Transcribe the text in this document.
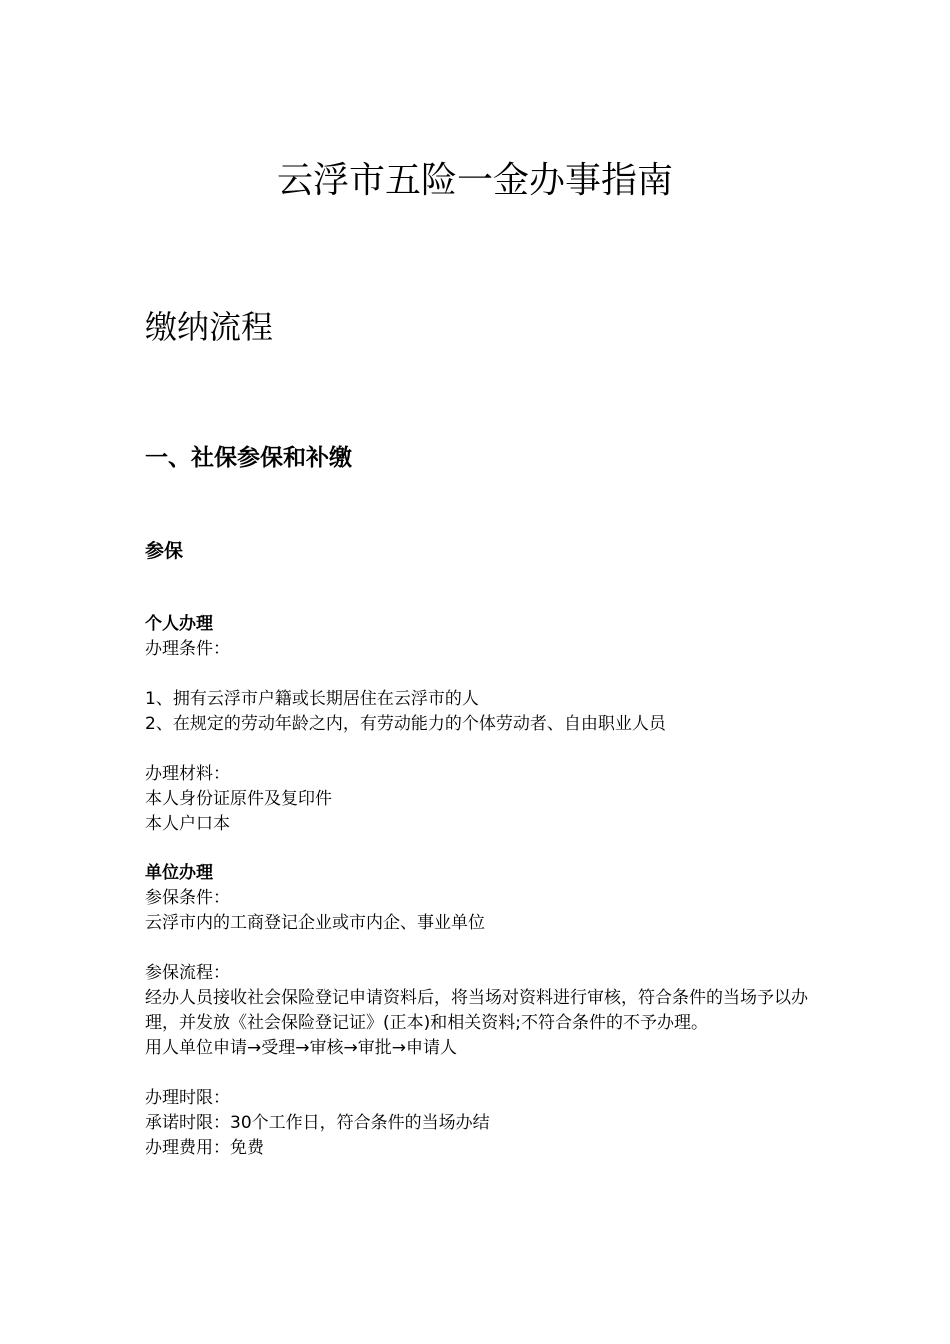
云浮市五险一金办事指南
缴纳流程
一、社保参保和补缴
参保

个人办理

办理条件：

1、拥有云浮市户籍或长期居住在云浮市的人

2、在规定的劳动年龄之内，有劳动能力的个体劳动者、自由职业人员

办理材料：

本人身份证原件及复印件

本人户口本

单位办理

参保条件：

云浮市内的工商登记企业或市内企、事业单位

参保流程：

经办人员接收社会保险登记申请资料后，将当场对资料进行审核，符合条件的当场予以办理，并发放《社会保险登记证》(正本)和相关资料;不符合条件的不予办理。

用人单位申请→受理→审核→审批→申请人

办理时限：

承诺时限：30个工作日，符合条件的当场办结

办理费用：免费
